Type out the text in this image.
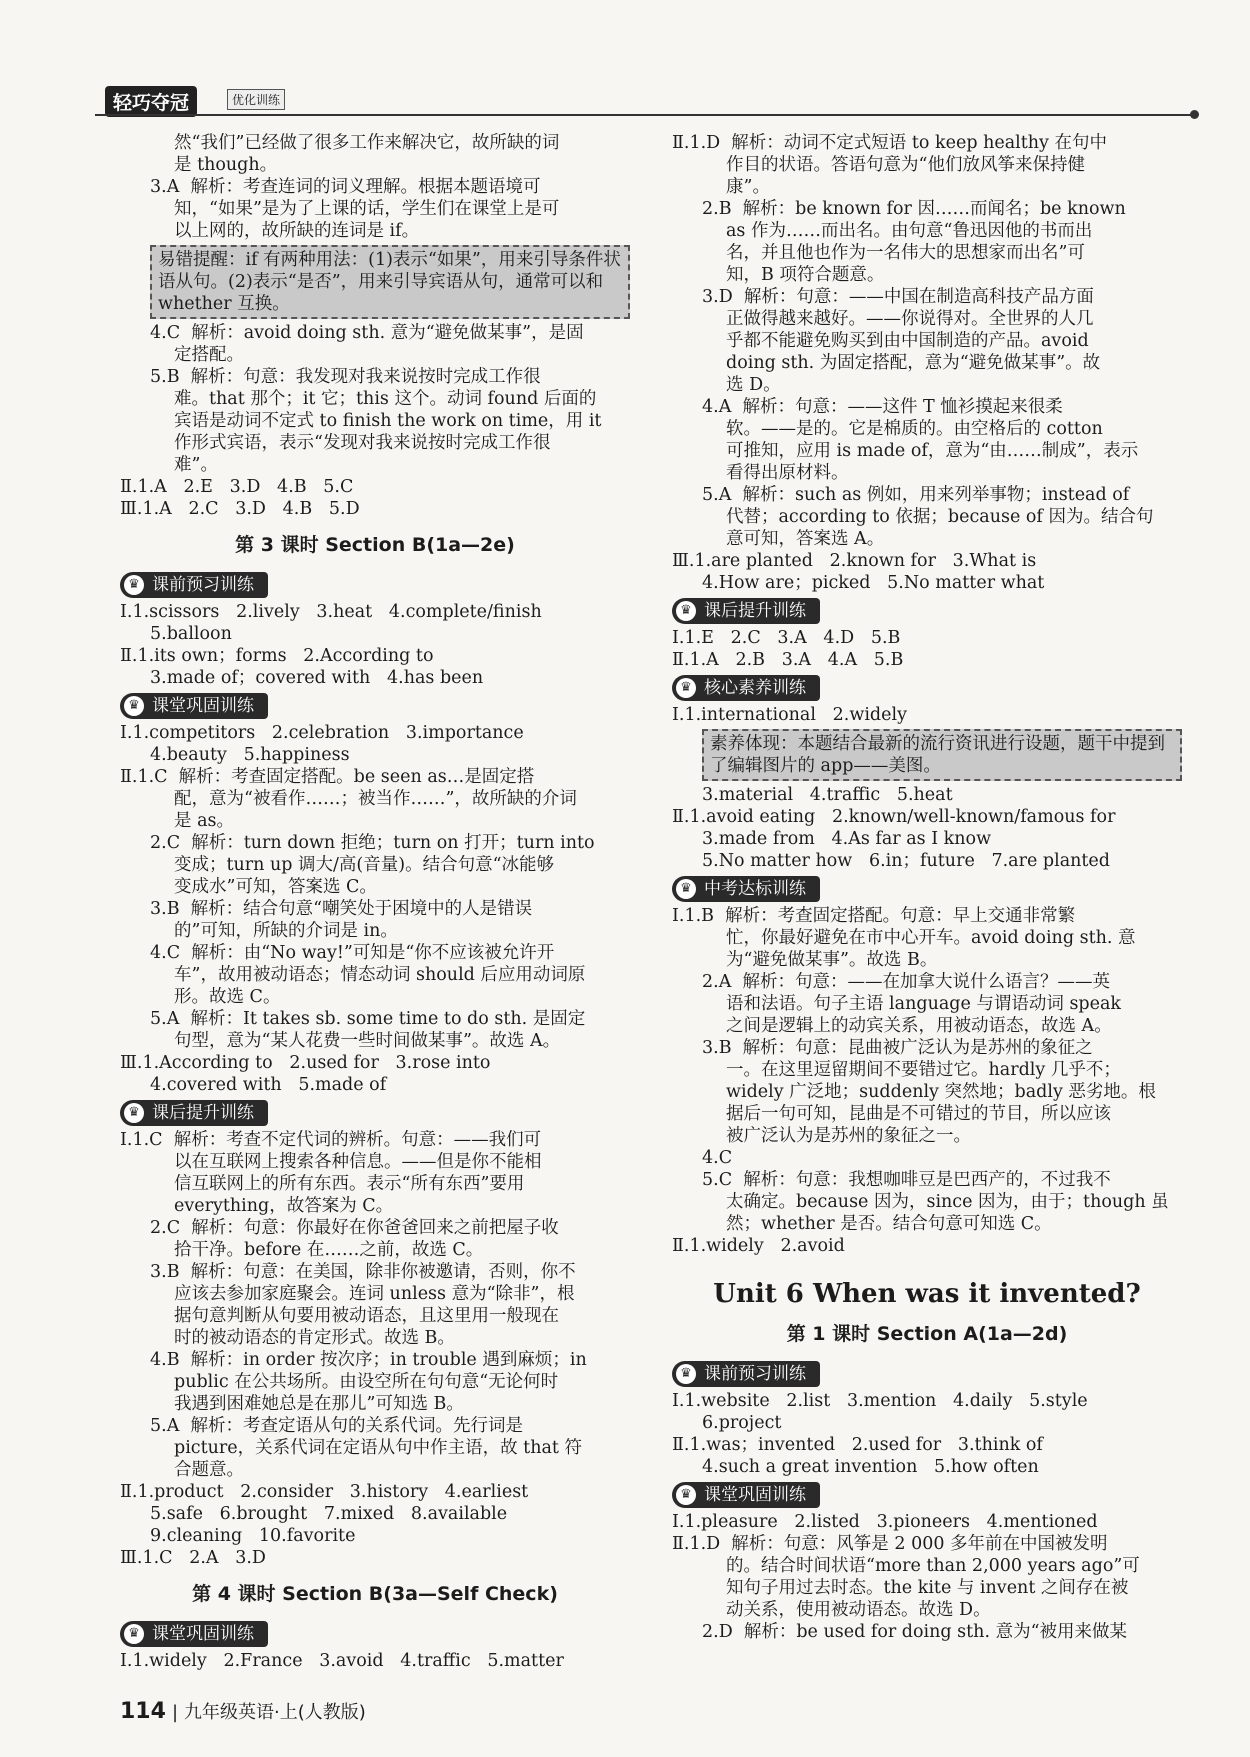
轻巧夺冠	优化训练
然“我们”已经做了很多工作来解决它，故所缺的词
是 though。
3.A  解析：考查连词的词义理解。根据本题语境可
知，“如果”是为了上课的话，学生们在课堂上是可
以上网的，故所缺的连词是 if。
易错提醒：if 有两种用法：(1)表示“如果”，用来引导条件状语从句。(2)表示“是否”，用来引导宾语从句，通常可以和 whether 互换。
4.C  解析：avoid doing sth. 意为“避免做某事”，是固
定搭配。
5.B  解析：句意：我发现对我来说按时完成工作很
难。that 那个；it 它；this 这个。动词 found 后面的
宾语是动词不定式 to finish the work on time，用 it
作形式宾语，表示“发现对我来说按时完成工作很
难”。
Ⅱ.1.A   2.E   3.D   4.B   5.C
Ⅲ.1.A   2.C   3.D   4.B   5.D
第 3 课时 Section B(1a—2e)
♛ 课前预习训练
Ⅰ.1.scissors   2.lively   3.heat   4.complete/finish
5.balloon
Ⅱ.1.its own；forms   2.According to
3.made of；covered with   4.has been
♛ 课堂巩固训练
Ⅰ.1.competitors   2.celebration   3.importance
4.beauty   5.happiness
Ⅱ.1.C  解析：考查固定搭配。be seen as…是固定搭
配，意为“被看作……；被当作……”，故所缺的介词
是 as。
2.C  解析：turn down 拒绝；turn on 打开；turn into
变成；turn up 调大/高(音量)。结合句意“冰能够
变成水”可知，答案选 C。
3.B  解析：结合句意“嘲笑处于困境中的人是错误
的”可知，所缺的介词是 in。
4.C  解析：由“No way!”可知是“你不应该被允许开
车”，故用被动语态；情态动词 should 后应用动词原
形。故选 C。
5.A  解析：It takes sb. some time to do sth. 是固定
句型，意为“某人花费一些时间做某事”。故选 A。
Ⅲ.1.According to   2.used for   3.rose into
4.covered with   5.made of
♛ 课后提升训练
Ⅰ.1.C  解析：考查不定代词的辨析。句意：——我们可
以在互联网上搜索各种信息。——但是你不能相
信互联网上的所有东西。表示“所有东西”要用
everything，故答案为 C。
2.C  解析：句意：你最好在你爸爸回来之前把屋子收
拾干净。before 在……之前，故选 C。
3.B  解析：句意：在美国，除非你被邀请，否则，你不
应该去参加家庭聚会。连词 unless 意为“除非”，根
据句意判断从句要用被动语态，且这里用一般现在
时的被动语态的肯定形式。故选 B。
4.B  解析：in order 按次序；in trouble 遇到麻烦；in
public 在公共场所。由设空所在句句意“无论何时
我遇到困难她总是在那儿”可知选 B。
5.A  解析：考查定语从句的关系代词。先行词是
picture，关系代词在定语从句中作主语，故 that 符
合题意。
Ⅱ.1.product   2.consider   3.history   4.earliest
5.safe   6.brought   7.mixed   8.available
9.cleaning   10.favorite
Ⅲ.1.C   2.A   3.D
第 4 课时 Section B(3a—Self Check)
♛ 课堂巩固训练
Ⅰ.1.widely   2.France   3.avoid   4.traffic   5.matter
Ⅱ.1.D  解析：动词不定式短语 to keep healthy 在句中
作目的状语。答语句意为“他们放风筝来保持健
康”。
2.B  解析：be known for 因……而闻名；be known
as 作为……而出名。由句意“鲁迅因他的书而出
名，并且他也作为一名伟大的思想家而出名”可
知，B 项符合题意。
3.D  解析：句意：——中国在制造高科技产品方面
正做得越来越好。——你说得对。全世界的人几
乎都不能避免购买到由中国制造的产品。avoid
doing sth. 为固定搭配，意为“避免做某事”。故
选 D。
4.A  解析：句意：——这件 T 恤衫摸起来很柔
软。——是的。它是棉质的。由空格后的 cotton
可推知，应用 is made of，意为“由……制成”，表示
看得出原材料。
5.A  解析：such as 例如，用来列举事物；instead of
代替；according to 依据；because of 因为。结合句
意可知，答案选 A。
Ⅲ.1.are planted   2.known for   3.What is
4.How are；picked   5.No matter what
♛ 课后提升训练
Ⅰ.1.E   2.C   3.A   4.D   5.B
Ⅱ.1.A   2.B   3.A   4.A   5.B
♛ 核心素养训练
Ⅰ.1.international   2.widely
素养体现：本题结合最新的流行资讯进行设题，题干中提到了编辑图片的 app——美图。
3.material   4.traffic   5.heat
Ⅱ.1.avoid eating   2.known/well-known/famous for
3.made from   4.As far as I know
5.No matter how   6.in；future   7.are planted
♛ 中考达标训练
Ⅰ.1.B  解析：考查固定搭配。句意：早上交通非常繁
忙，你最好避免在市中心开车。avoid doing sth. 意
为“避免做某事”。故选 B。
2.A  解析：句意：——在加拿大说什么语言？——英
语和法语。句子主语 language 与谓语动词 speak
之间是逻辑上的动宾关系，用被动语态，故选 A。
3.B  解析：句意：昆曲被广泛认为是苏州的象征之
一。在这里逗留期间不要错过它。hardly 几乎不；
widely 广泛地；suddenly 突然地；badly 恶劣地。根
据后一句可知，昆曲是不可错过的节目，所以应该
被广泛认为是苏州的象征之一。
4.C
5.C  解析：句意：我想咖啡豆是巴西产的，不过我不
太确定。because 因为，since 因为，由于；though 虽
然；whether 是否。结合句意可知选 C。
Ⅱ.1.widely   2.avoid
Unit 6 When was it invented?
第 1 课时 Section A(1a—2d)
♛ 课前预习训练
Ⅰ.1.website   2.list   3.mention   4.daily   5.style
6.project
Ⅱ.1.was；invented   2.used for   3.think of
4.such a great invention   5.how often
♛ 课堂巩固训练
Ⅰ.1.pleasure   2.listed   3.pioneers   4.mentioned
Ⅱ.1.D  解析：句意：风筝是 2 000 多年前在中国被发明
的。结合时间状语“more than 2,000 years ago”可
知句子用过去时态。the kite 与 invent 之间存在被
动关系，使用被动语态。故选 D。
2.D  解析：be used for doing sth. 意为“被用来做某
114 | 九年级英语·上(人教版)
